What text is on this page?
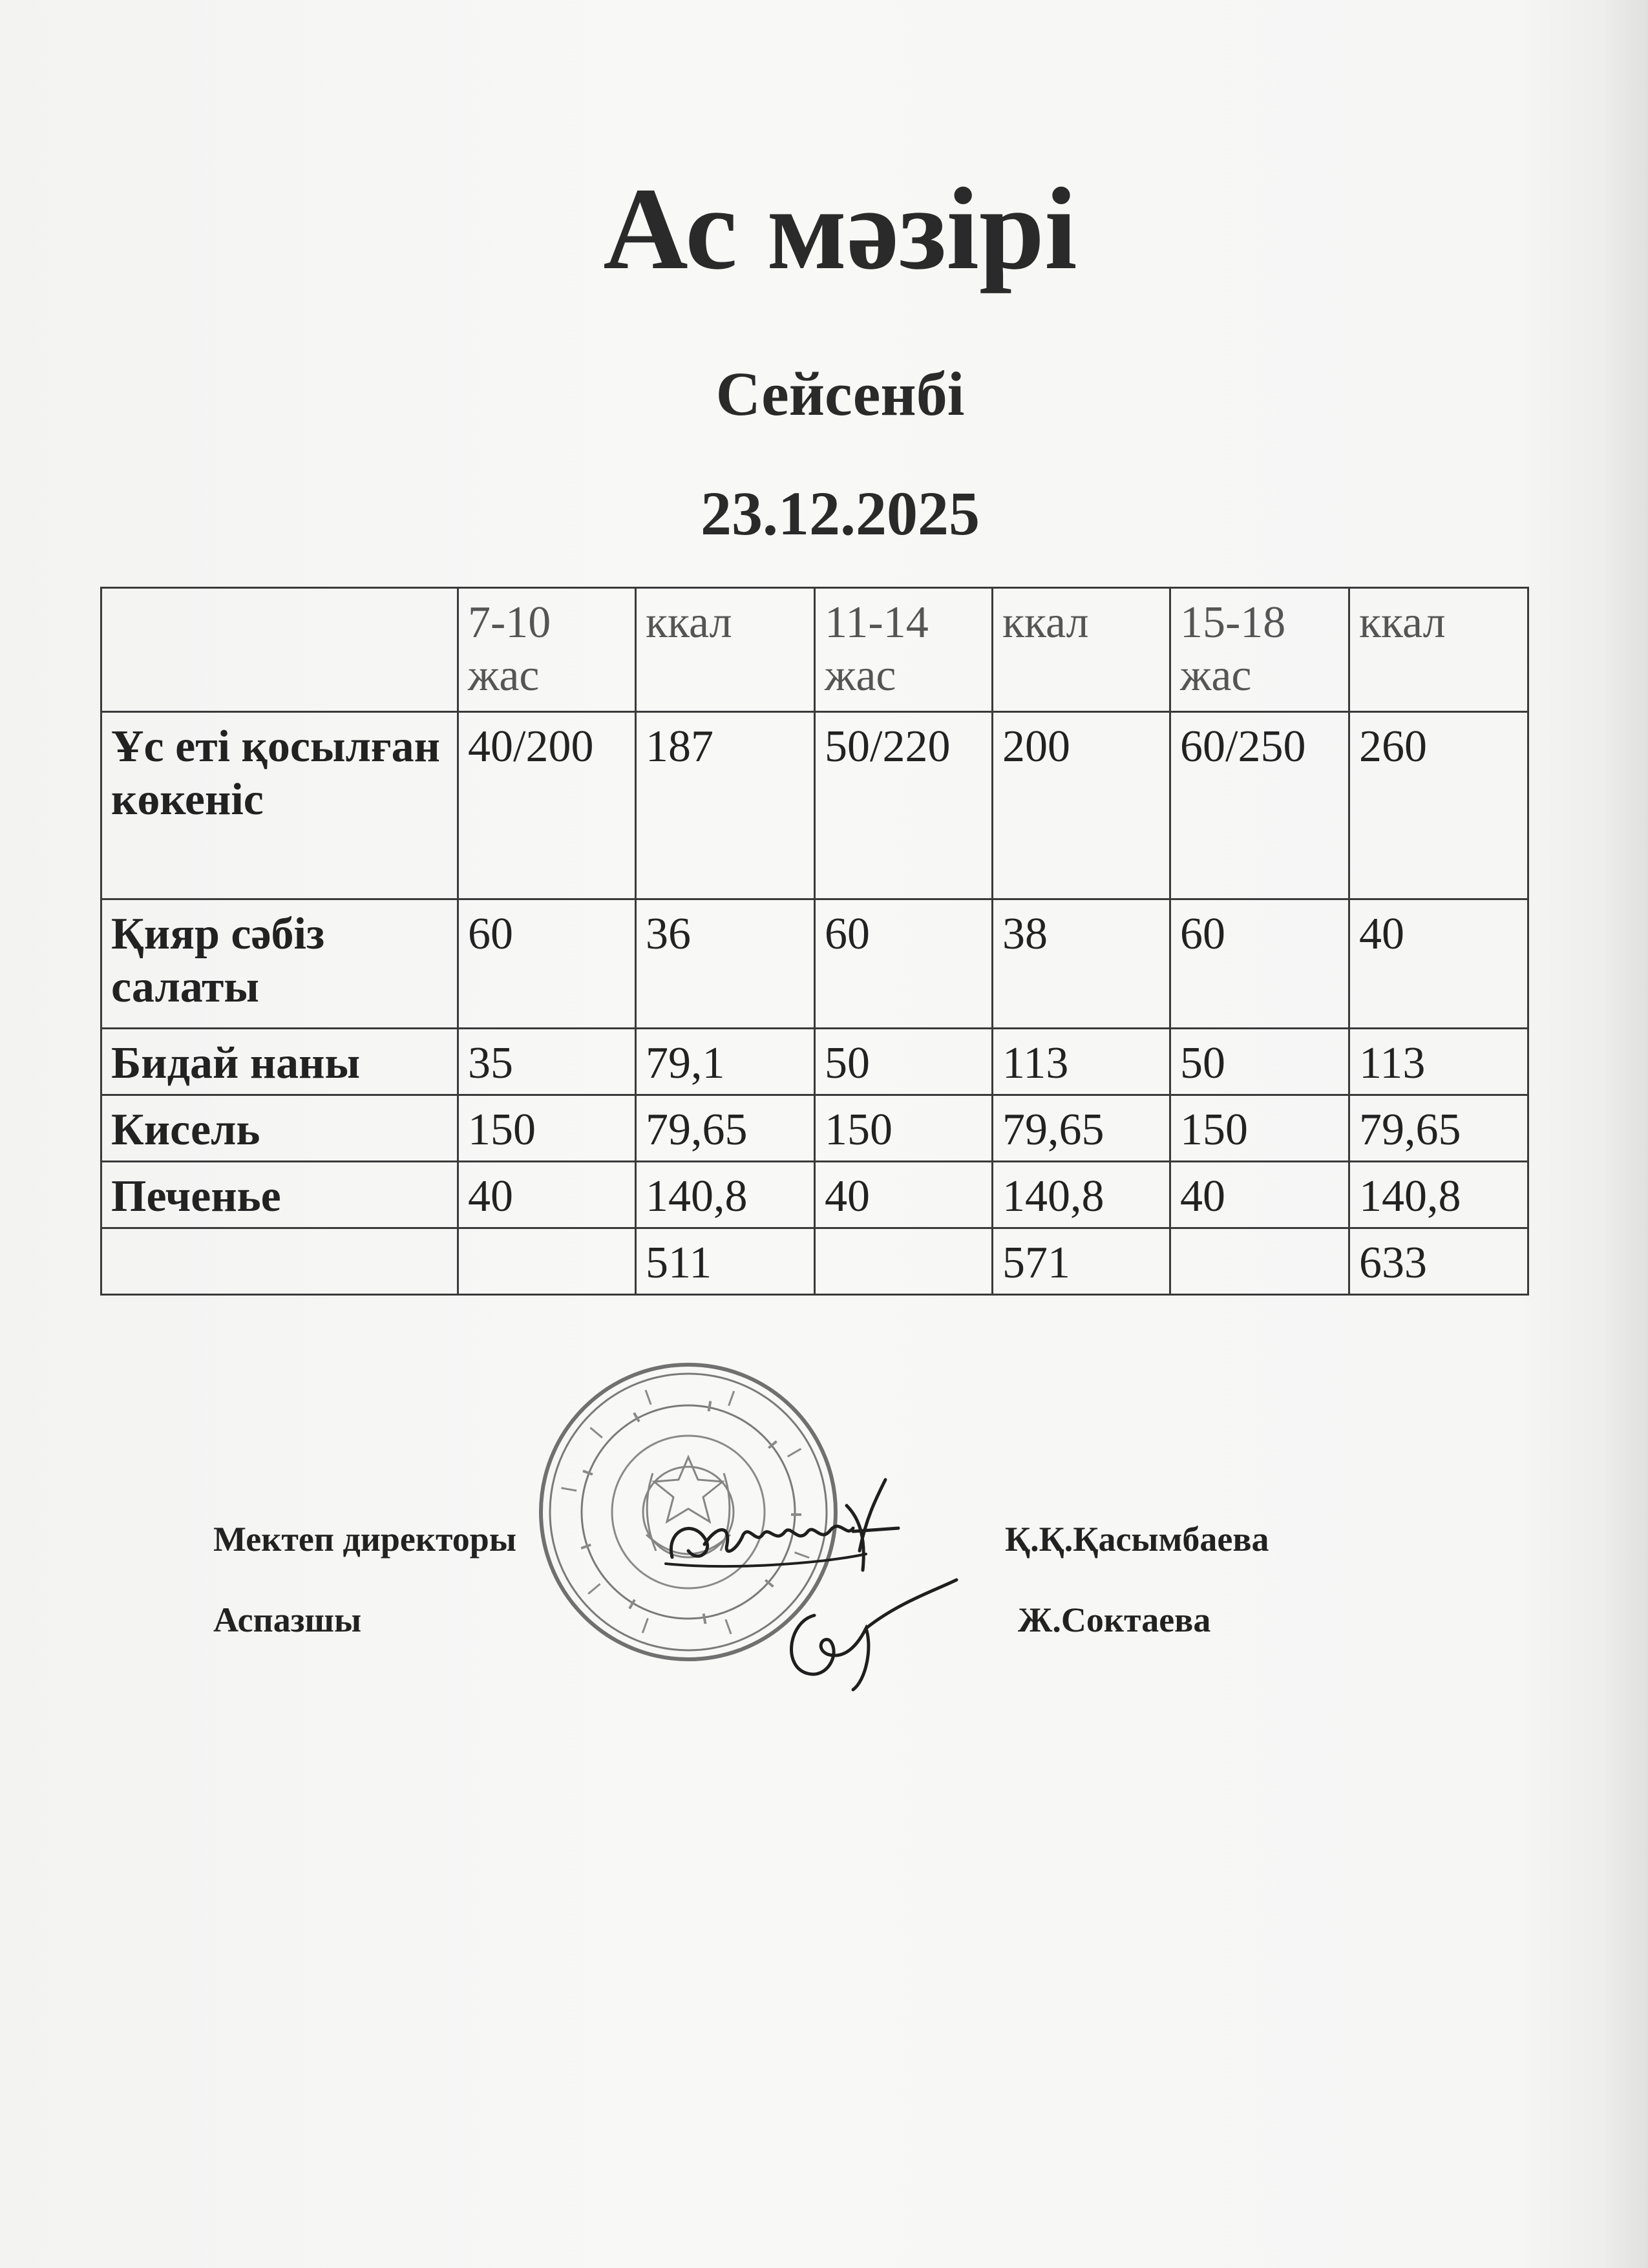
Ас мәзірі
Сейсенбі
23.12.2025
	7-10 жас	ккал	11-14 жас	ккал	15-18 жас	ккал
Ұс еті қосылған көкеніс	40/200	187	50/220	200	60/250	260
Қияр сәбіз салаты	60	36	60	38	60	40
Бидай наны	35	79,1	50	113	50	113
Кисель	150	79,65	150	79,65	150	79,65
Печенье	40	140,8	40	140,8	40	140,8
		511		571		633
Мектеп директоры	Қ.Қ.Қасымбаева
Аспазшы	Ж.Соктаева
